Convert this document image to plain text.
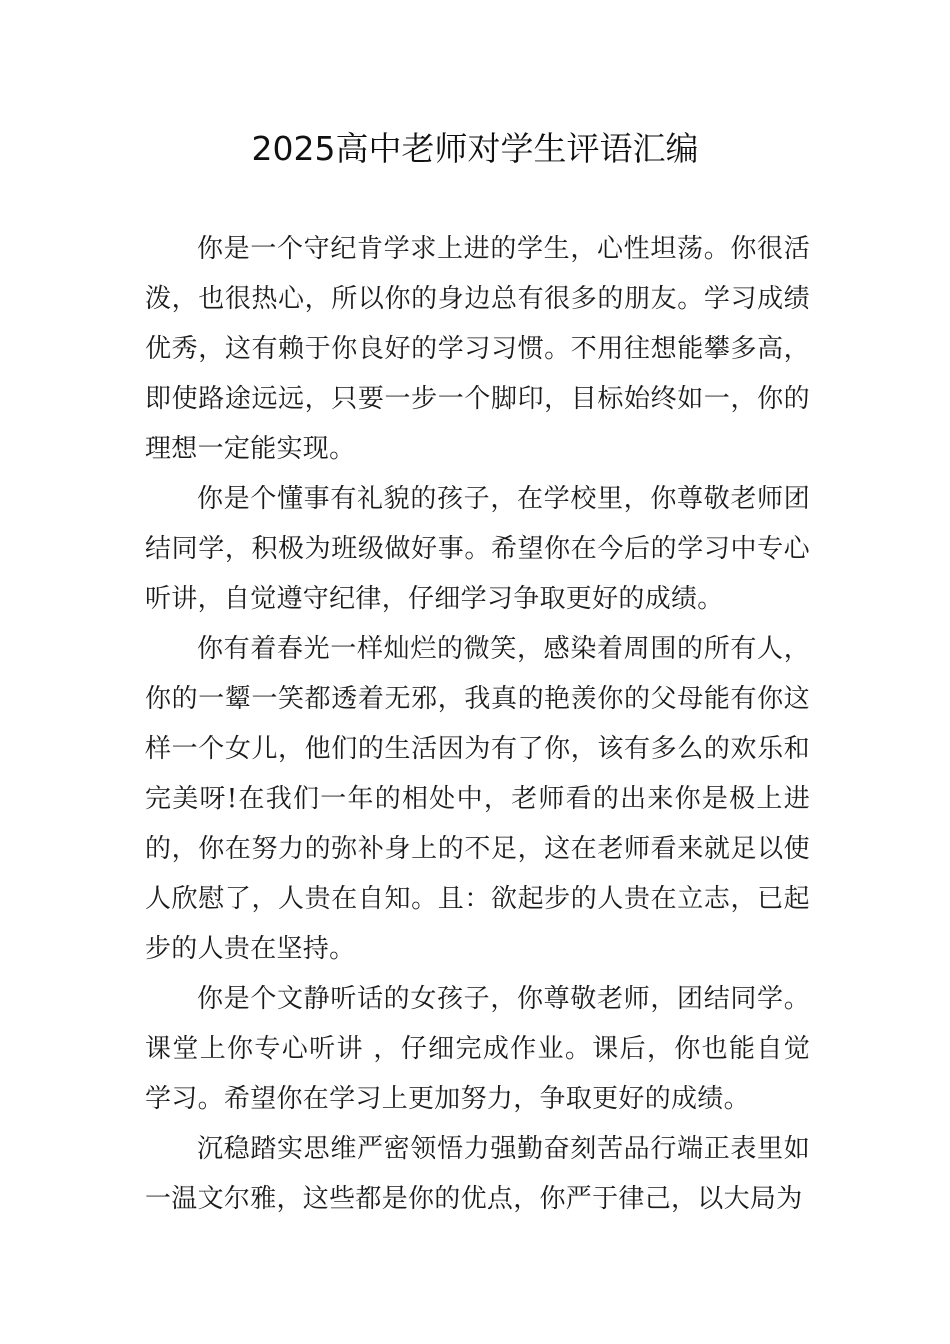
2025高中老师对学生评语汇编

你是一个守纪肯学求上进的学生，心性坦荡。你很活泼，也很热心，所以你的身边总有很多的朋友。学习成绩优秀，这有赖于你良好的学习习惯。不用往想能攀多高，即使路途远远，只要一步一个脚印，目标始终如一，你的理想一定能实现。

你是个懂事有礼貌的孩子，在学校里，你尊敬老师团结同学，积极为班级做好事。希望你在今后的学习中专心听讲，自觉遵守纪律，仔细学习争取更好的成绩。

你有着春光一样灿烂的微笑，感染着周围的所有人，你的一颦一笑都透着无邪，我真的艳羡你的父母能有你这样一个女儿，他们的生活因为有了你，该有多么的欢乐和完美呀!在我们一年的相处中，老师看的出来你是极上进的，你在努力的弥补身上的不足，这在老师看来就足以使人欣慰了，人贵在自知。且：欲起步的人贵在立志，已起步的人贵在坚持。

你是个文静听话的女孩子，你尊敬老师，团结同学。课堂上你专心听讲 ，仔细完成作业。课后，你也能自觉学习。希望你在学习上更加努力，争取更好的成绩。

沉稳踏实思维严密领悟力强勤奋刻苦品行端正表里如一温文尔雅，这些都是你的优点，你严于律己，以大局为
